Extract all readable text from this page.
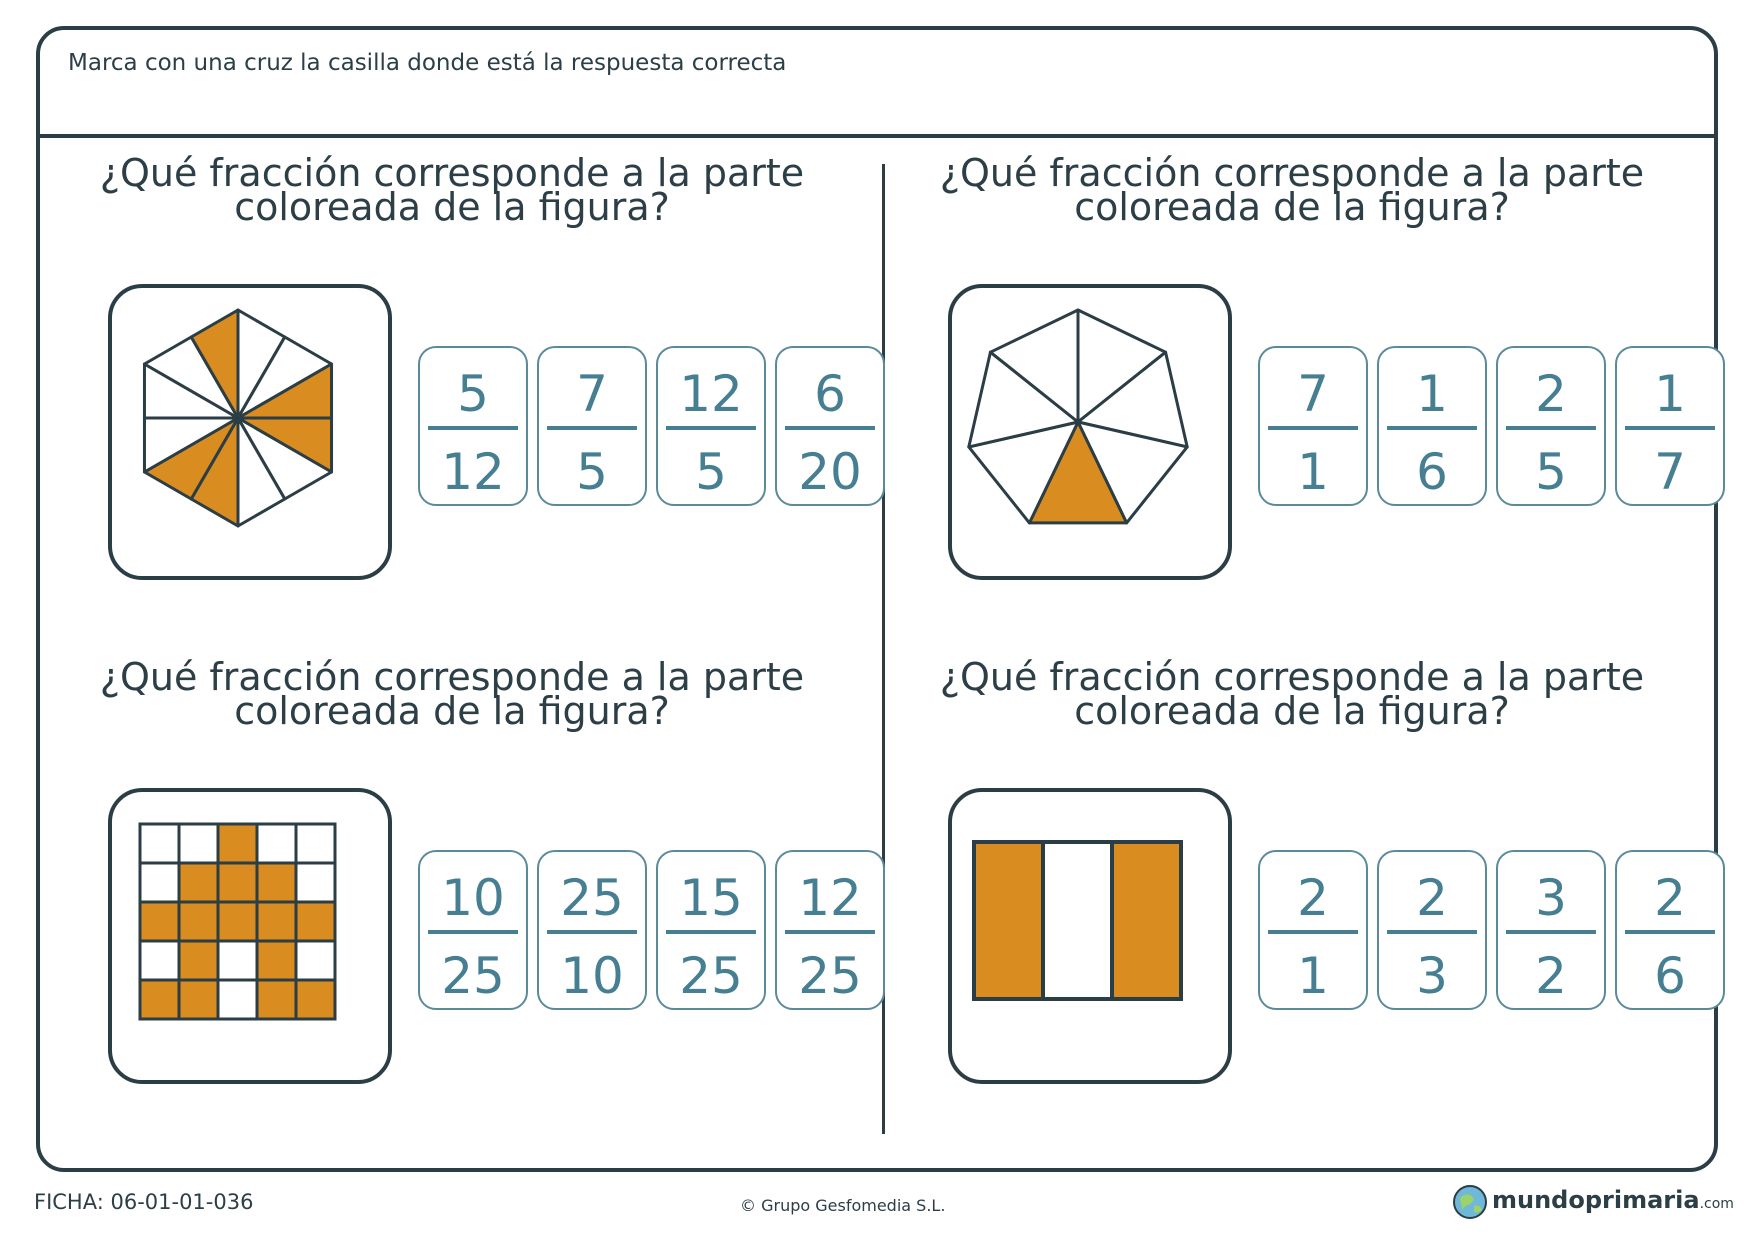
Marca con una cruz la casilla donde está la respuesta correcta
¿Qué fracción corresponde a la parte
coloreada de la figura?
5
12
7
5
12
5
6
20
¿Qué fracción corresponde a la parte
coloreada de la figura?
7
1
1
6
2
5
1
7
¿Qué fracción corresponde a la parte
coloreada de la figura?
10
25
25
10
15
25
12
25
¿Qué fracción corresponde a la parte
coloreada de la figura?
2
1
2
3
3
2
2
6
FICHA: 06-01-01-036	© Grupo Gesfomedia S.L.	mundoprimaria.com
